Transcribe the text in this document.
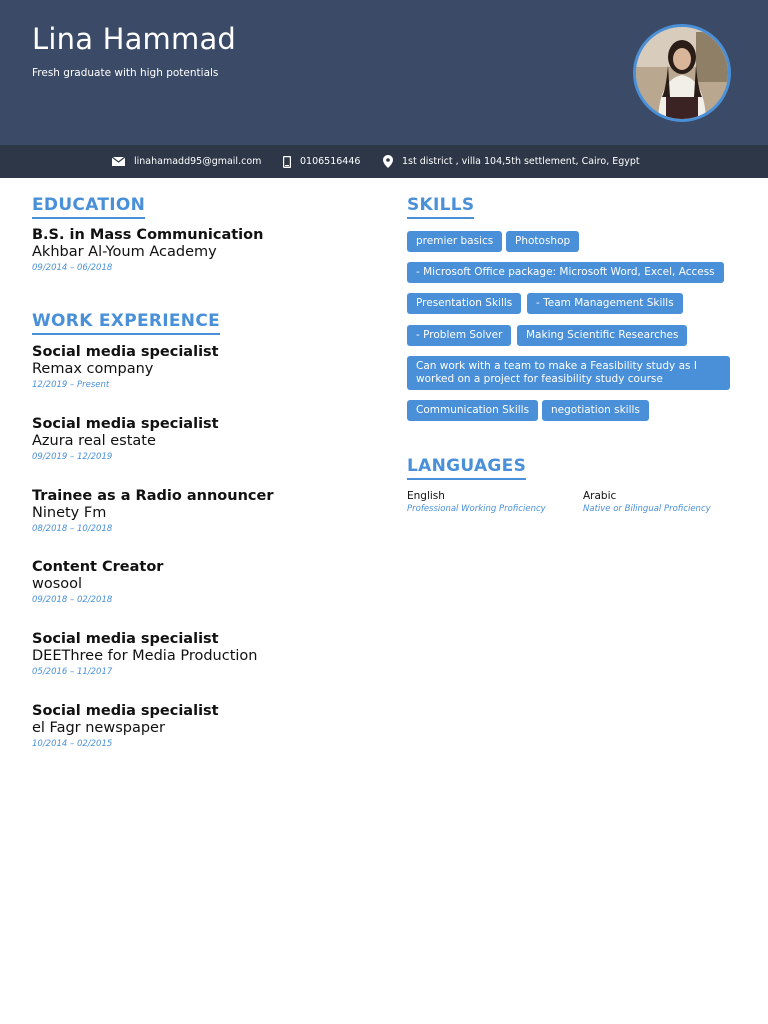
Lina Hammad
Fresh graduate with high potentials
linahamadd95@gmail.com	0106516446	1st district , villa 104,5th settlement, Cairo, Egypt
EDUCATION
B.S. in Mass Communication
Akhbar Al-Youm Academy
09/2014 – 06/2018
WORK EXPERIENCE
Social media specialist
Remax company
12/2019 – Present
Social media specialist
Azura real estate
09/2019 – 12/2019
Trainee as a Radio announcer
Ninety Fm
08/2018 – 10/2018
Content Creator
wosool
09/2018 – 02/2018
Social media specialist
DEEThree for Media Production
05/2016 – 11/2017
Social media specialist
el Fagr newspaper
10/2014 – 02/2015
SKILLS
premier basics	Photoshop
- Microsoft Office package: Microsoft Word, Excel, Access
Presentation Skills	- Team Management Skills
- Problem Solver	Making Scientific Researches
Can work with a team to make a Feasibility study as I worked on a project for feasibility study course
Communication Skills	negotiation skills
LANGUAGES
English
Professional Working Proficiency
Arabic
Native or Bilingual Proficiency
